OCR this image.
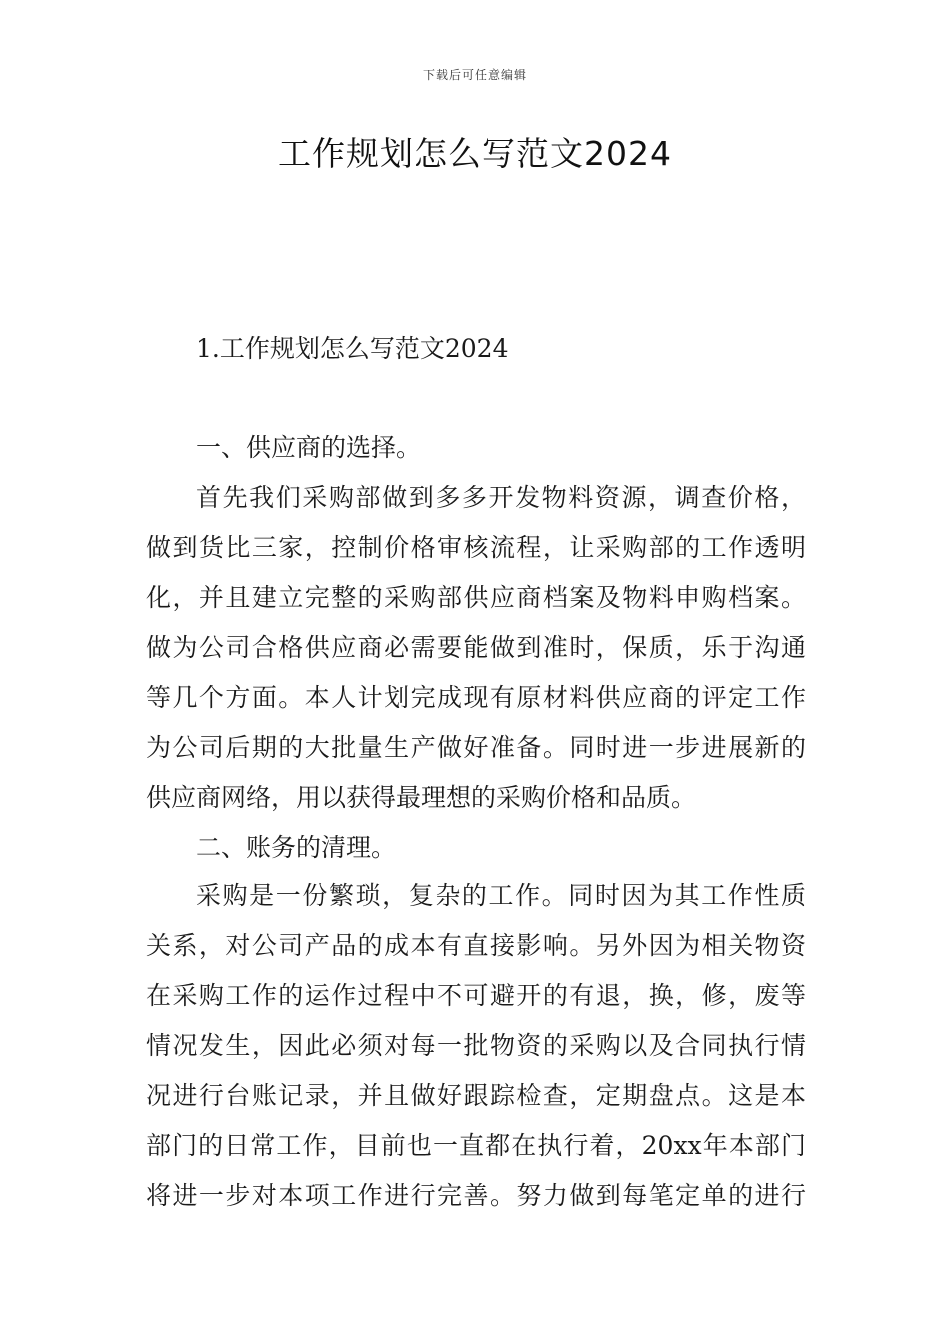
下载后可任意编辑
工作规划怎么写范文2024
1.工作规划怎么写范文2024
一、供应商的选择。
首先我们采购部做到多多开发物料资源，调查价格，
做到货比三家，控制价格审核流程，让采购部的工作透明
化，并且建立完整的采购部供应商档案及物料申购档案。
做为公司合格供应商必需要能做到准时，保质，乐于沟通
等几个方面。本人计划完成现有原材料供应商的评定工作
为公司后期的大批量生产做好准备。同时进一步进展新的
供应商网络，用以获得最理想的采购价格和品质。
二、账务的清理。
采购是一份繁琐，复杂的工作。同时因为其工作性质
关系，对公司产品的成本有直接影响。另外因为相关物资
在采购工作的运作过程中不可避开的有退，换，修，废等
情况发生，因此必须对每一批物资的采购以及合同执行情
况进行台账记录，并且做好跟踪检查，定期盘点。这是本
部门的日常工作，目前也一直都在执行着，20xx年本部门
将进一步对本项工作进行完善。努力做到每笔定单的进行
